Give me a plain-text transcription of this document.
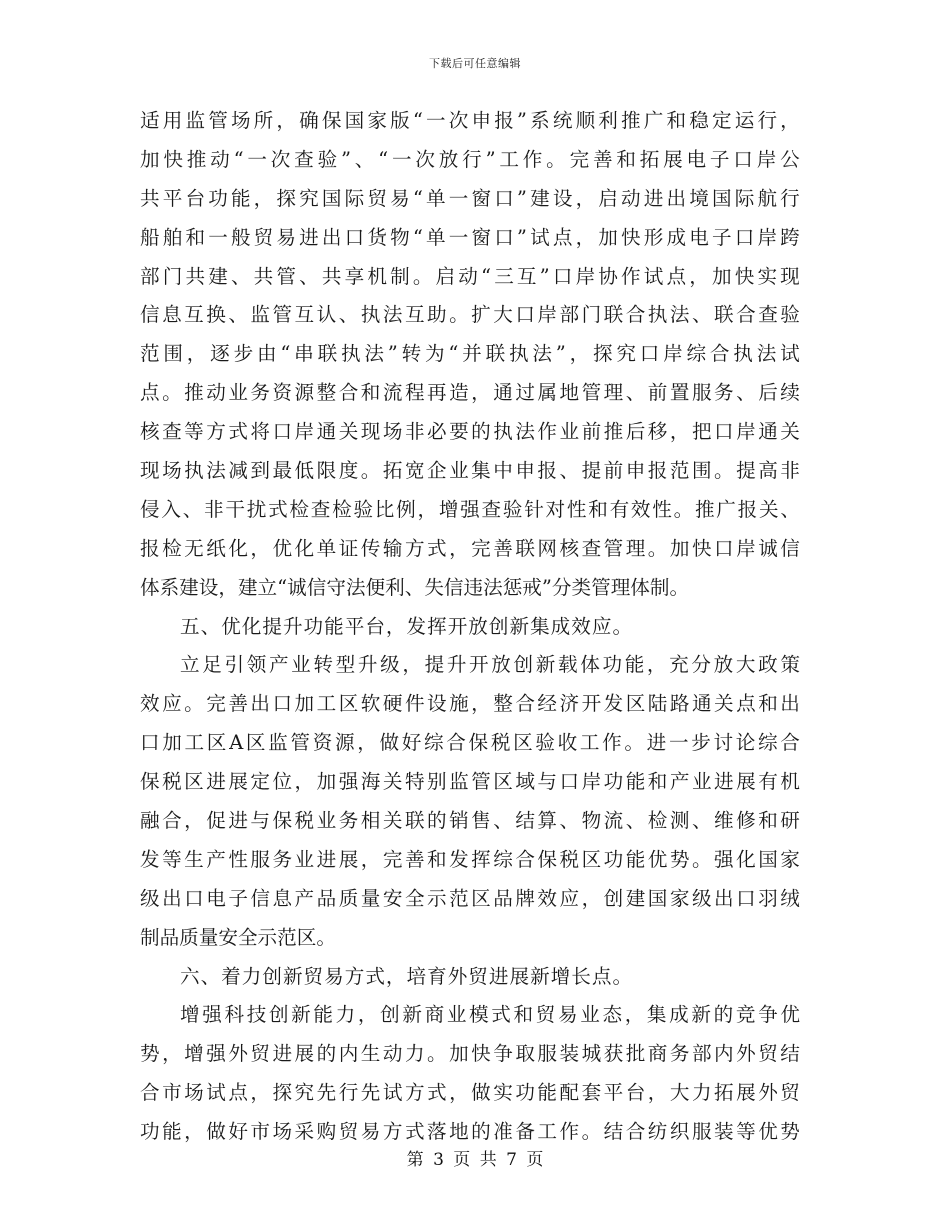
下载后可任意编辑
适 用 监 管 场 所 ， 确 保 国 家 版 “ 一 次 申 报 ” 系 统 顺 利 推 广 和 稳 定 运 行 ，
加 快 推 动 “ 一 次 查 验 ” 、 “ 一 次 放 行 ” 工 作 。 完 善 和 拓 展 电 子 口 岸 公
共 平 台 功 能 ， 探 究 国 际 贸 易 “ 单 一 窗 口 ” 建 设 ， 启 动 进 出 境 国 际 航 行
船 舶 和 一 般 贸 易 进 出 口 货 物 “ 单 一 窗 口 ” 试 点 ， 加 快 形 成 电 子 口 岸 跨
部 门 共 建 、 共 管 、 共 享 机 制 。 启 动 “ 三 互 ” 口 岸 协 作 试 点 ， 加 快 实 现
信 息 互 换 、 监 管 互 认 、 执 法 互 助 。 扩 大 口 岸 部 门 联 合 执 法 、 联 合 查 验
范 围 ， 逐 步 由 “ 串 联 执 法 ” 转 为 “ 并 联 执 法 ” ， 探 究 口 岸 综 合 执 法 试
点 。 推 动 业 务 资 源 整 合 和 流 程 再 造 ， 通 过 属 地 管 理 、 前 置 服 务 、 后 续
核 查 等 方 式 将 口 岸 通 关 现 场 非 必 要 的 执 法 作 业 前 推 后 移 ， 把 口 岸 通 关
现 场 执 法 减 到 最 低 限 度 。 拓 宽 企 业 集 中 申 报 、 提 前 申 报 范 围 。 提 高 非
侵 入 、 非 干 扰 式 检 查 检 验 比 例 ， 增 强 查 验 针 对 性 和 有 效 性 。 推 广 报 关 、
报 检 无 纸 化 ， 优 化 单 证 传 输 方 式 ， 完 善 联 网 核 查 管 理 。 加 快 口 岸 诚 信
体系建设，建立“诚信守法便利、失信违法惩戒”分类管理体制。
五、优化提升功能平台，发挥开放创新集成效应。
立 足 引 领 产 业 转 型 升 级 ， 提 升 开 放 创 新 载 体 功 能 ， 充 分 放 大 政 策
效 应 。 完 善 出 口 加 工 区 软 硬 件 设 施 ， 整 合 经 济 开 发 区 陆 路 通 关 点 和 出
口 加 工 区 A 区 监 管 资 源 ， 做 好 综 合 保 税 区 验 收 工 作 。 进 一 步 讨 论 综 合
保 税 区 进 展 定 位 ， 加 强 海 关 特 别 监 管 区 域 与 口 岸 功 能 和 产 业 进 展 有 机
融 合 ， 促 进 与 保 税 业 务 相 关 联 的 销 售 、 结 算 、 物 流 、 检 测 、 维 修 和 研
发 等 生 产 性 服 务 业 进 展 ， 完 善 和 发 挥 综 合 保 税 区 功 能 优 势 。 强 化 国 家
级 出 口 电 子 信 息 产 品 质 量 安 全 示 范 区 品 牌 效 应 ， 创 建 国 家 级 出 口 羽 绒
制品质量安全示范区。
六、着力创新贸易方式，培育外贸进展新增长点。
增 强 科 技 创 新 能 力 ， 创 新 商 业 模 式 和 贸 易 业 态 ， 集 成 新 的 竞 争 优
势 ， 增 强 外 贸 进 展 的 内 生 动 力 。 加 快 争 取 服 装 城 获 批 商 务 部 内 外 贸 结
合 市 场 试 点 ， 探 究 先 行 先 试 方 式 ， 做 实 功 能 配 套 平 台 ， 大 力 拓 展 外 贸
功 能 ， 做 好 市 场 采 购 贸 易 方 式 落 地 的 准 备 工 作 。 结 合 纺 织 服 装 等 优 势
第 3 页 共 7 页
